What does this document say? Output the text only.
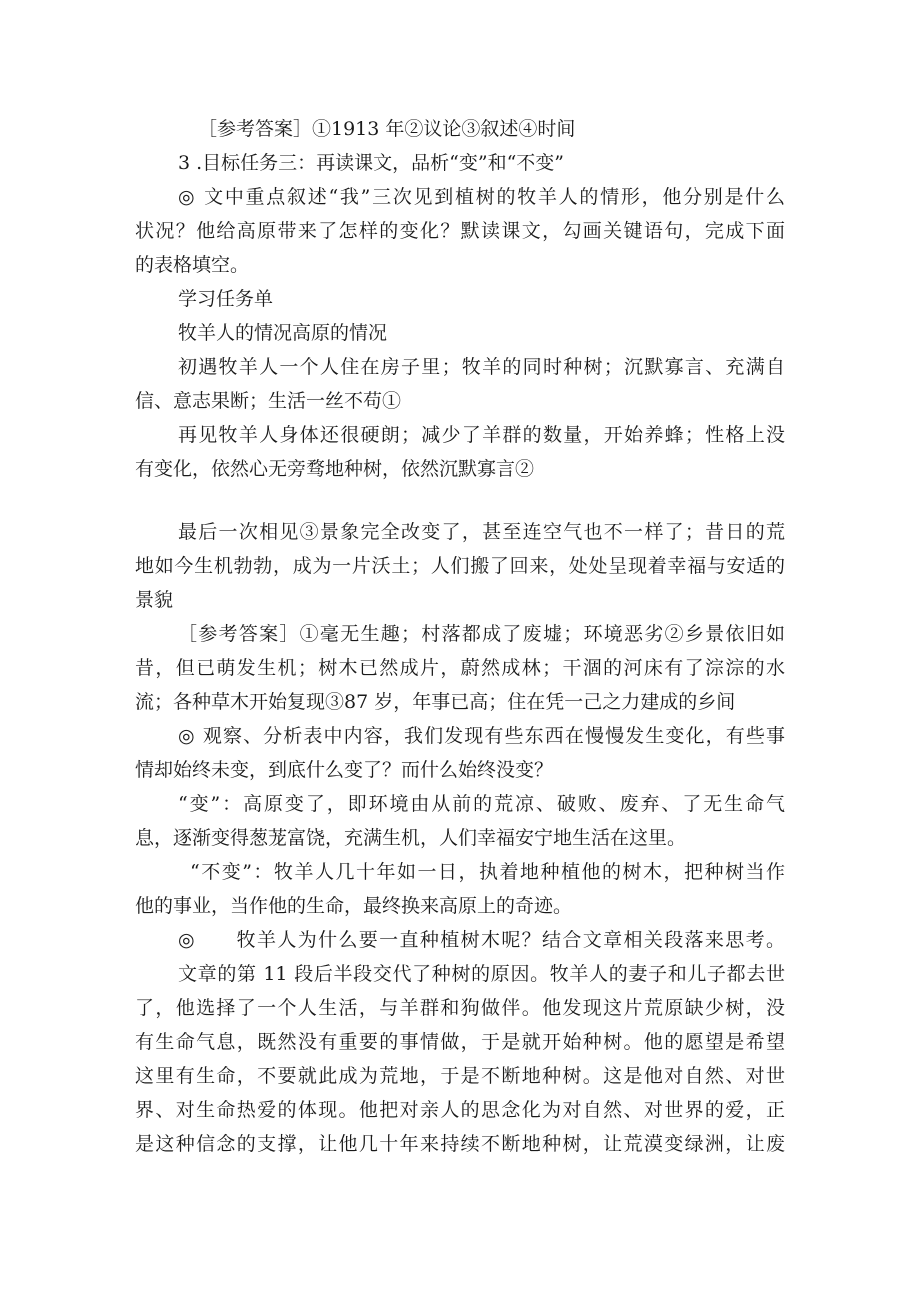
［参考答案］①1913 年②议论③叙述④时间
3 .目标任务三：再读课文，品析“变”和“不变”
◎ 文中重点叙述“我”三次见到植树的牧羊人的情形，他分别是什么
状况？他给高原带来了怎样的变化？默读课文，勾画关键语句，完成下面
的表格填空。
学习任务单
牧羊人的情况高原的情况
初遇牧羊人一个人住在房子里；牧羊的同时种树；沉默寡言、充满自
信、意志果断；生活一丝不苟①
再见牧羊人身体还很硬朗；减少了羊群的数量，开始养蜂；性格上没
有变化，依然心无旁骛地种树，依然沉默寡言②
最后一次相见③景象完全改变了，甚至连空气也不一样了；昔日的荒
地如今生机勃勃，成为一片沃土；人们搬了回来，处处呈现着幸福与安适的
景貌
［参考答案］①毫无生趣；村落都成了废墟；环境恶劣②乡景依旧如
昔，但已萌发生机；树木已然成片，蔚然成林；干涸的河床有了淙淙的水
流；各种草木开始复现③87 岁，年事已高；住在凭一己之力建成的乡间
◎ 观察、分析表中内容，我们发现有些东西在慢慢发生变化，有些事
情却始终未变，到底什么变了？而什么始终没变？
“变”：高原变了，即环境由从前的荒凉、破败、废弃、了无生命气
息，逐渐变得葱茏富饶，充满生机，人们幸福安宁地生活在这里。
“不变”：牧羊人几十年如一日，执着地种植他的树木，把种树当作
他的事业，当作他的生命，最终换来高原上的奇迹。
◎　　牧羊人为什么要一直种植树木呢？结合文章相关段落来思考。
文章的第 11 段后半段交代了种树的原因。牧羊人的妻子和儿子都去世
了，他选择了一个人生活，与羊群和狗做伴。他发现这片荒原缺少树，没
有生命气息，既然没有重要的事情做，于是就开始种树。他的愿望是希望
这里有生命，不要就此成为荒地，于是不断地种树。这是他对自然、对世
界、对生命热爱的体现。他把对亲人的思念化为对自然、对世界的爱，正
是这种信念的支撑，让他几十年来持续不断地种树，让荒漠变绿洲，让废
